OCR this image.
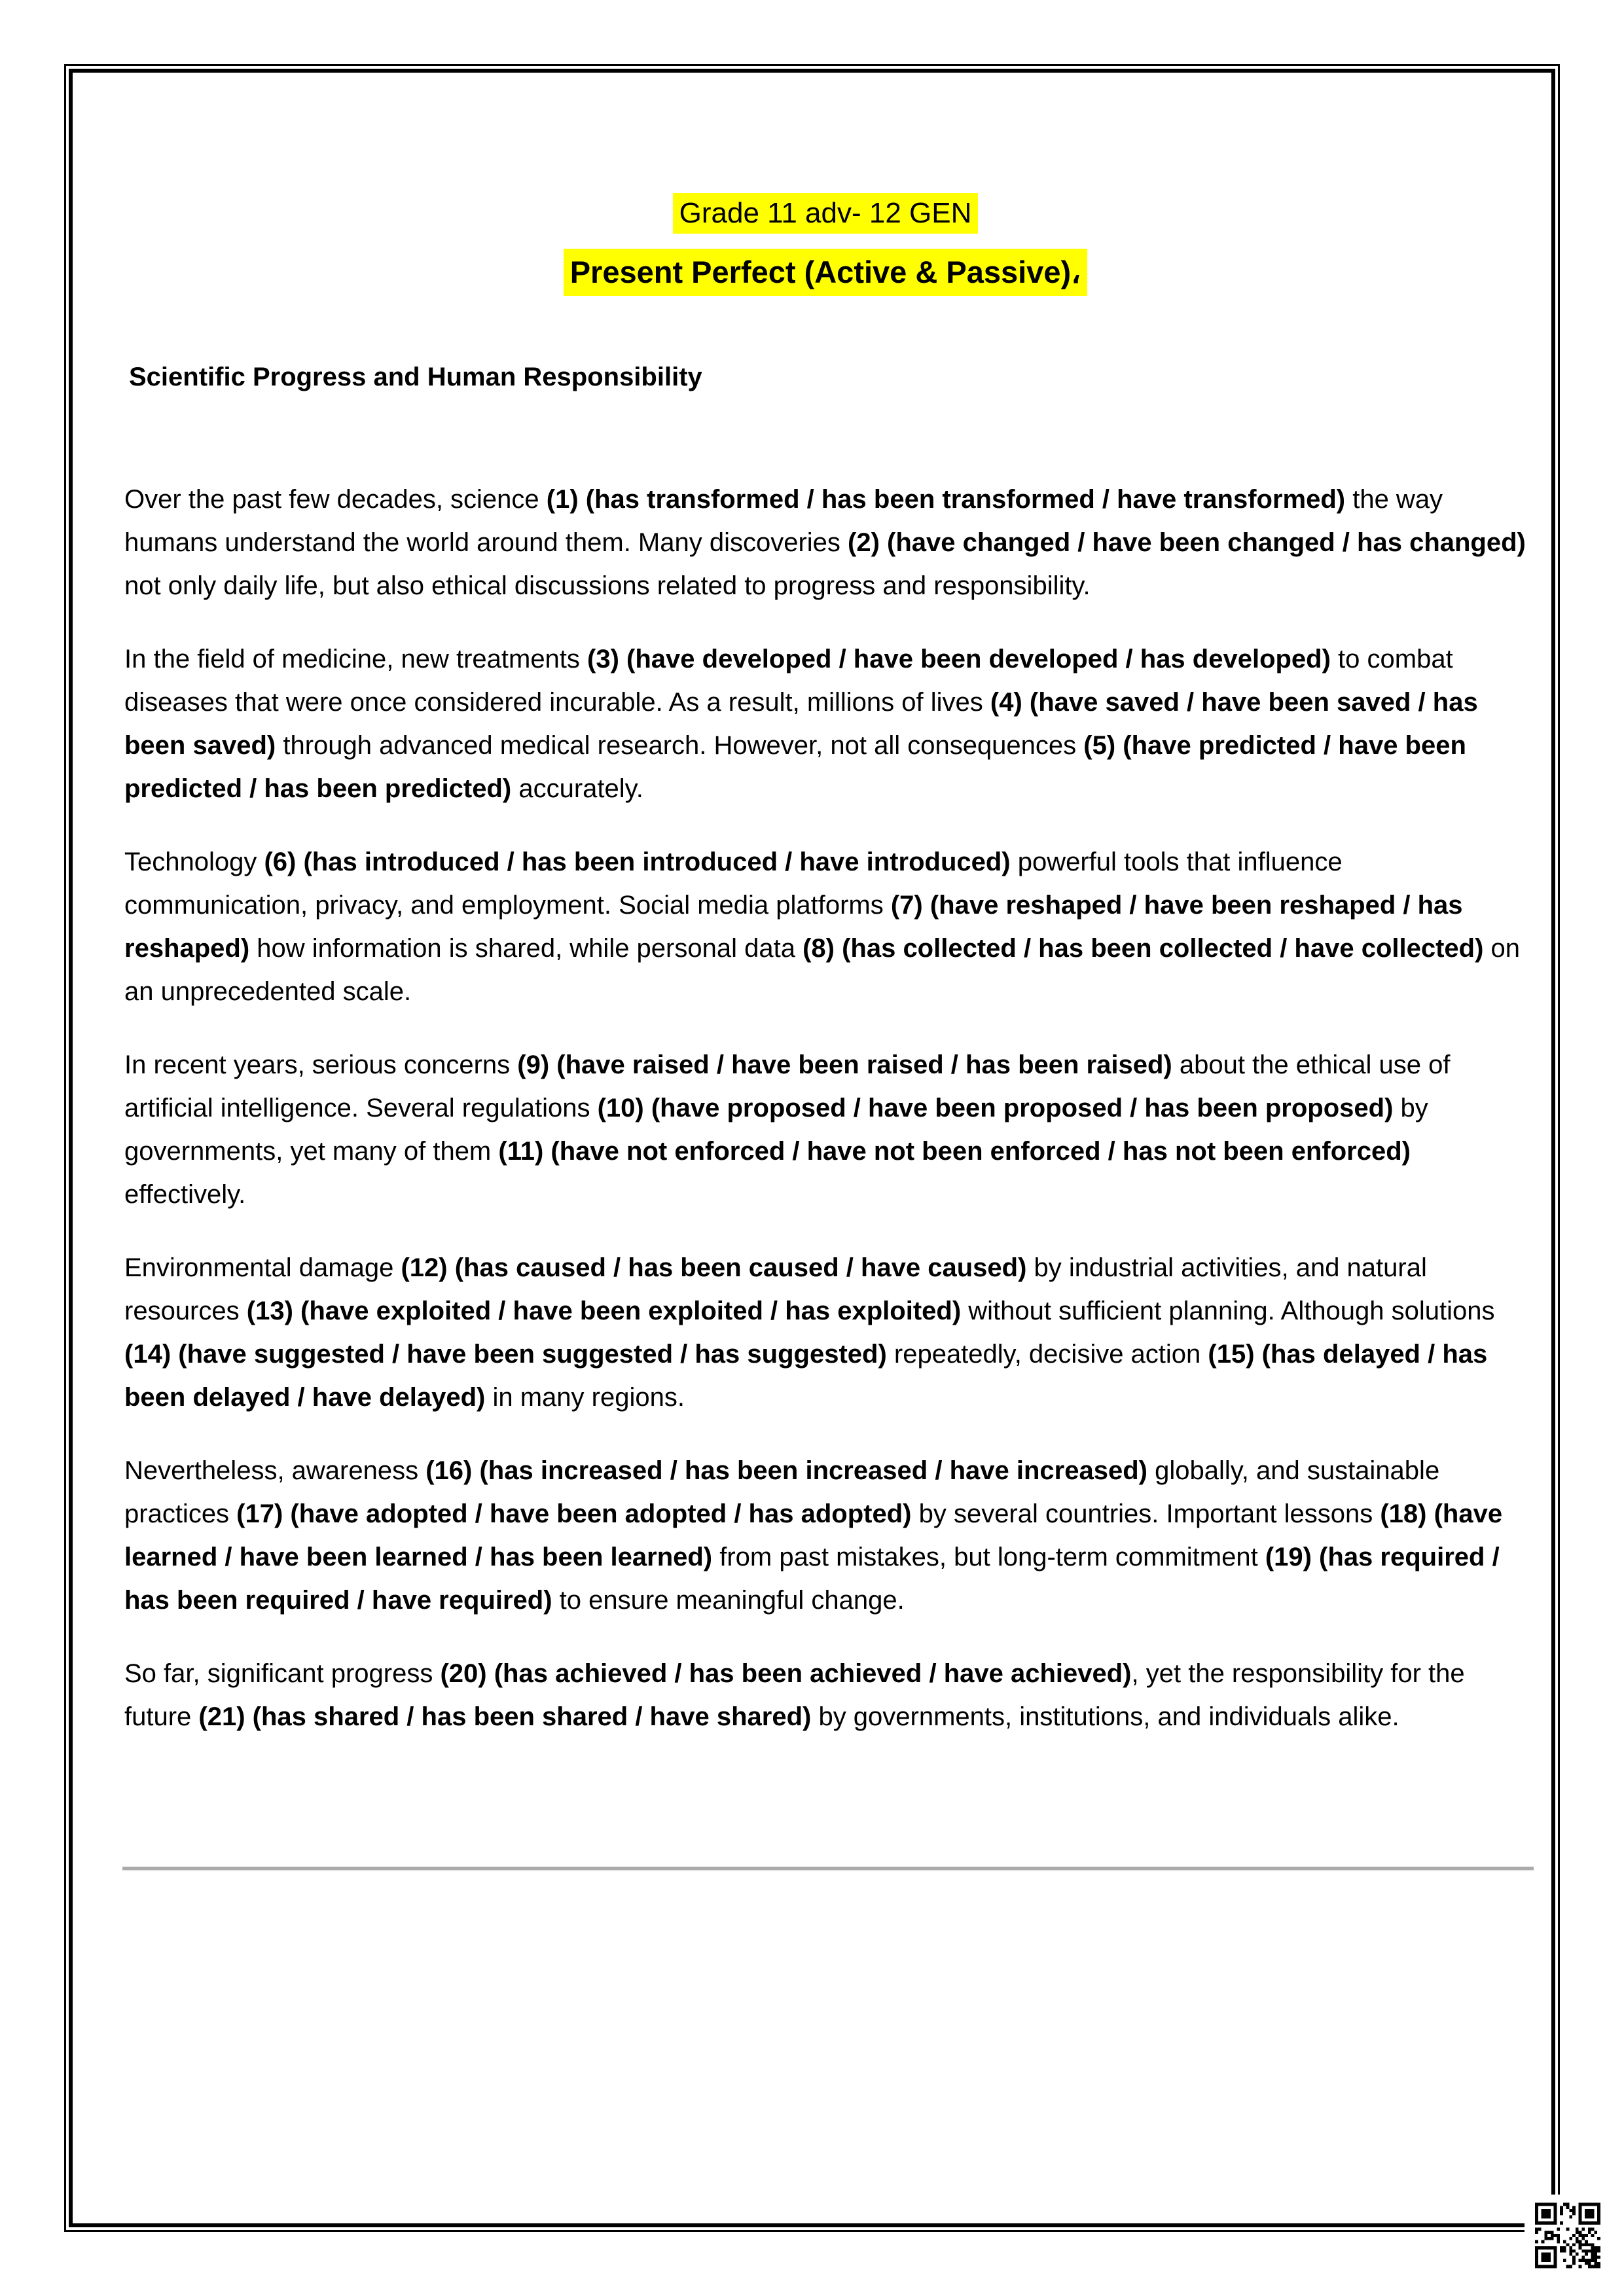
Grade 11 adv- 12 GEN
Present Perfect (Active & Passive)،
Scientific Progress and Human Responsibility

Over the past few decades, science (1) (has transformed / has been transformed / have transformed) the way humans understand the world around them. Many discoveries (2) (have changed / have been changed / has changed) not only daily life, but also ethical discussions related to progress and responsibility.

In the field of medicine, new treatments (3) (have developed / have been developed / has developed) to combat diseases that were once considered incurable. As a result, millions of lives (4) (have saved / have been saved / has been saved) through advanced medical research. However, not all consequences (5) (have predicted / have been predicted / has been predicted) accurately.

Technology (6) (has introduced / has been introduced / have introduced) powerful tools that influence communication, privacy, and employment. Social media platforms (7) (have reshaped / have been reshaped / has reshaped) how information is shared, while personal data (8) (has collected / has been collected / have collected) on an unprecedented scale.

In recent years, serious concerns (9) (have raised / have been raised / has been raised) about the ethical use of artificial intelligence. Several regulations (10) (have proposed / have been proposed / has been proposed) by governments, yet many of them (11) (have not enforced / have not been enforced / has not been enforced) effectively.

Environmental damage (12) (has caused / has been caused / have caused) by industrial activities, and natural resources (13) (have exploited / have been exploited / has exploited) without sufficient planning. Although solutions (14) (have suggested / have been suggested / has suggested) repeatedly, decisive action (15) (has delayed / has been delayed / have delayed) in many regions.

Nevertheless, awareness (16) (has increased / has been increased / have increased) globally, and sustainable practices (17) (have adopted / have been adopted / has adopted) by several countries. Important lessons (18) (have learned / have been learned / has been learned) from past mistakes, but long-term commitment (19) (has required / has been required / have required) to ensure meaningful change.

So far, significant progress (20) (has achieved / has been achieved / have achieved), yet the responsibility for the future (21) (has shared / has been shared / have shared) by governments, institutions, and individuals alike.
